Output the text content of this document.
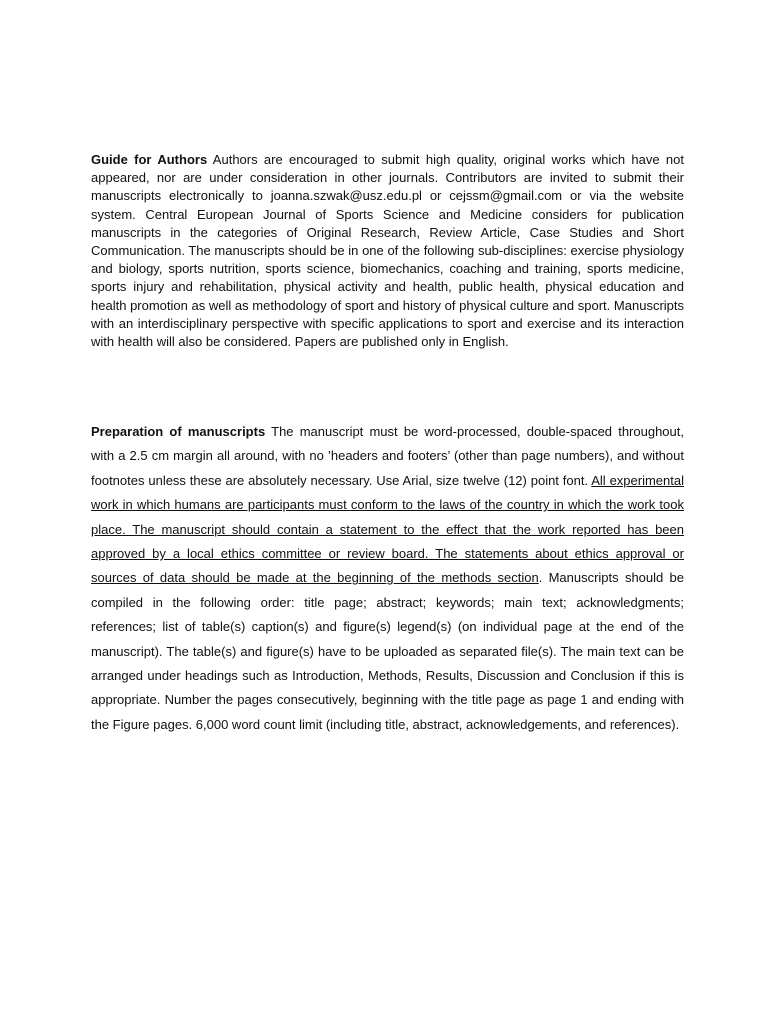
Guide for Authors Authors are encouraged to submit high quality, original works which have not appeared, nor are under consideration in other journals. Contributors are invited to submit their manuscripts electronically to joanna.szwak@usz.edu.pl or cejssm@gmail.com or via the website system. Central European Journal of Sports Science and Medicine considers for publication manuscripts in the categories of Original Research, Review Article, Case Studies and Short Communication. The manuscripts should be in one of the following sub-disciplines: exercise physiology and biology, sports nutrition, sports science, biomechanics, coaching and training, sports medicine, sports injury and rehabilitation, physical activity and health, public health, physical education and health promotion as well as methodology of sport and history of physical culture and sport. Manuscripts with an interdisciplinary perspective with specific applications to sport and exercise and its interaction with health will also be considered. Papers are published only in English.

Preparation of manuscripts The manuscript must be word-processed, double-spaced throughout, with a 2.5 cm margin all around, with no ’headers and footers’ (other than page numbers), and without footnotes unless these are absolutely necessary. Use Arial, size twelve (12) point font. All experimental work in which humans are participants must conform to the laws of the country in which the work took place. The manuscript should contain a statement to the effect that the work reported has been approved by a local ethics committee or review board. The statements about ethics approval or sources of data should be made at the beginning of the methods section. Manuscripts should be compiled in the following order: title page; abstract; keywords; main text; acknowledgments; references; list of table(s) caption(s) and figure(s) legend(s) (on individual page at the end of the manuscript). The table(s) and figure(s) have to be uploaded as separated file(s). The main text can be arranged under headings such as Introduction, Methods, Results, Discussion and Conclusion if this is appropriate. Number the pages consecutively, beginning with the title page as page 1 and ending with the Figure pages. 6,000 word count limit (including title, abstract, acknowledgements, and references).
